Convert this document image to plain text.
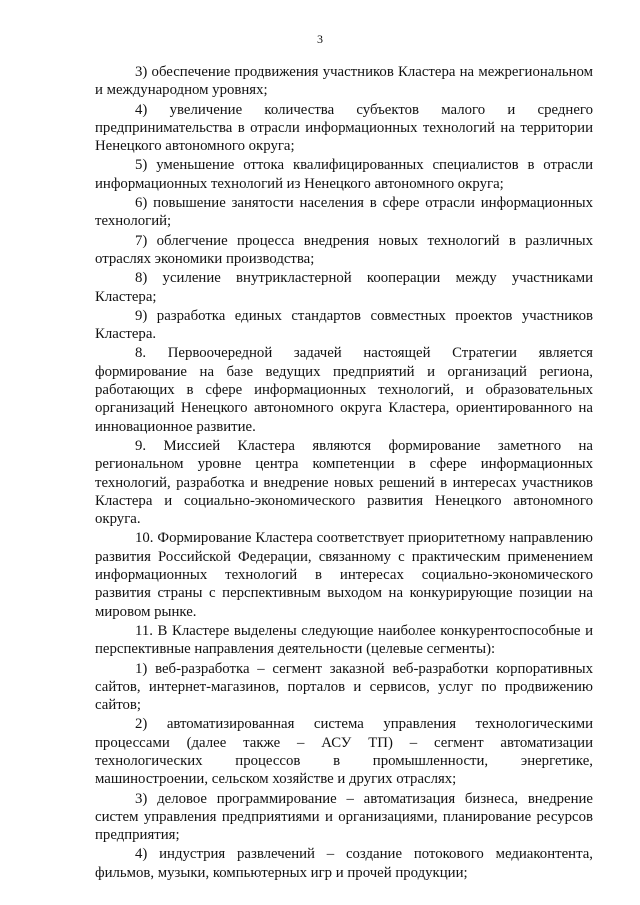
3

3) обеспечение продвижения участников Кластера на межрегиональном и международном уровнях;

4) увеличение количества субъектов малого и среднего предпринимательства в отрасли информационных технологий на территории Ненецкого автономного округа;

5) уменьшение оттока квалифицированных специалистов в отрасли информационных технологий из Ненецкого автономного округа;

6) повышение занятости населения в сфере отрасли информационных технологий;

7) облегчение процесса внедрения новых технологий в различных отраслях экономики производства;

8) усиление внутрикластерной кооперации между участниками Кластера;

9) разработка единых стандартов совместных проектов участников Кластера.

8. Первоочередной задачей настоящей Стратегии является формирование на базе ведущих предприятий и организаций региона, работающих в сфере информационных технологий, и образовательных организаций Ненецкого автономного округа Кластера, ориентированного на инновационное развитие.

9. Миссией Кластера являются формирование заметного на региональном уровне центра компетенции в сфере информационных технологий, разработка и внедрение новых решений в интересах участников Кластера и социально-экономического развития Ненецкого автономного округа.

10. Формирование Кластера соответствует приоритетному направлению развития Российской Федерации, связанному с практическим применением информационных технологий в интересах социально-экономического развития страны с перспективным выходом на конкурирующие позиции на мировом рынке.

11. В Кластере выделены следующие наиболее конкурентоспособные и перспективные направления деятельности (целевые сегменты):

1) веб-разработка – сегмент заказной веб-разработки корпоративных сайтов, интернет-магазинов, порталов и сервисов, услуг по продвижению сайтов;

2) автоматизированная система управления технологическими процессами (далее также – АСУ ТП) – сегмент автоматизации технологических процессов в промышленности, энергетике, машиностроении, сельском хозяйстве и других отраслях;

3) деловое программирование – автоматизация бизнеса, внедрение систем управления предприятиями и организациями, планирование ресурсов предприятия;

4) индустрия развлечений – создание потокового медиаконтента, фильмов, музыки, компьютерных игр и прочей продукции;
